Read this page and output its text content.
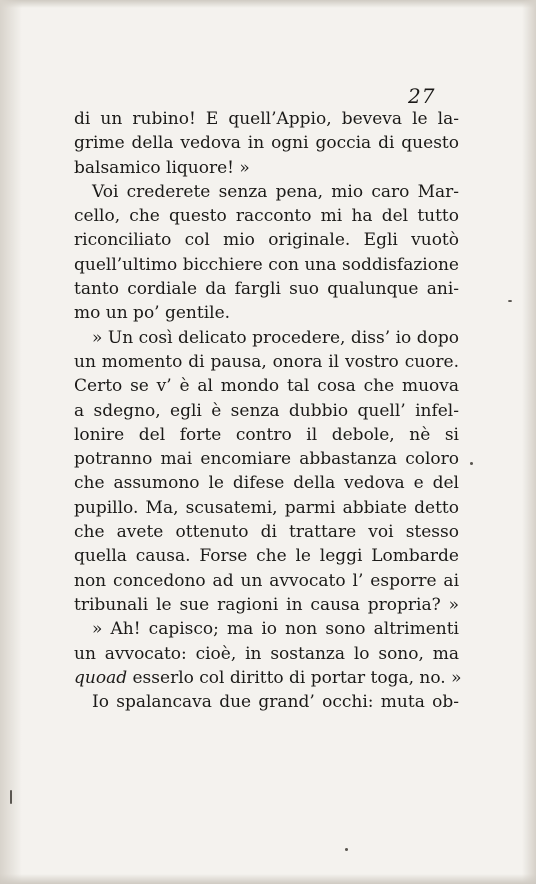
27
di un rubino! E quell’Appio, beveva le la-
grime della vedova in ogni goccia di questo
balsamico liquore! »
Voi crederete senza pena, mio caro Mar-
cello, che questo racconto mi ha del tutto
riconciliato col mio originale. Egli vuotò
quell’ultimo bicchiere con una soddisfazione
tanto cordiale da fargli suo qualunque ani-
mo un po’ gentile.
» Un così delicato procedere, diss’ io dopo
un momento di pausa, onora il vostro cuore.
Certo se v’ è al mondo tal cosa che muova
a sdegno, egli è senza dubbio quell’ infel-
lonire del forte contro il debole, nè si
potranno mai encomiare abbastanza coloro
che assumono le difese della vedova e del
pupillo. Ma, scusatemi, parmi abbiate detto
che avete ottenuto di trattare voi stesso
quella causa. Forse che le leggi Lombarde
non concedono ad un avvocato l’ esporre ai
tribunali le sue ragioni in causa propria? »
» Ah! capisco; ma io non sono altrimenti
un avvocato: cioè, in sostanza lo sono, ma
quoad esserlo col diritto di portar toga, no. »
Io spalancava due grand’ occhi: muta ob-
